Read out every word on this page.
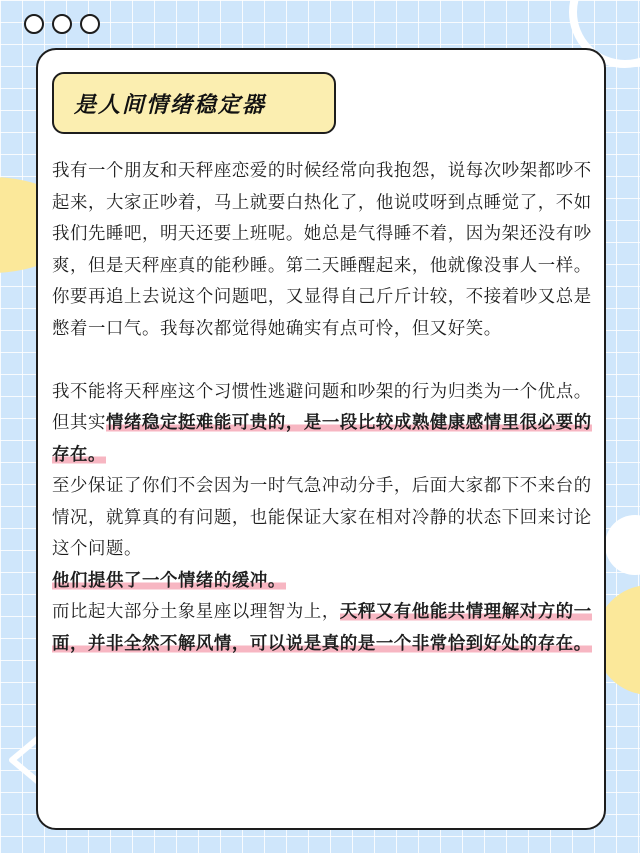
是人间情绪稳定器
我有一个朋友和天秤座恋爱的时候经常向我抱怨，说每次吵架都吵不起来，大家正吵着，马上就要白热化了，他说哎呀到点睡觉了，不如我们先睡吧，明天还要上班呢。她总是气得睡不着，因为架还没有吵爽，但是天秤座真的能秒睡。第二天睡醒起来，他就像没事人一样。
你要再追上去说这个问题吧，又显得自己斤斤计较，不接着吵又总是憋着一口气。我每次都觉得她确实有点可怜，但又好笑。
我不能将天秤座这个习惯性逃避问题和吵架的行为归类为一个优点。
但其实情绪稳定挺难能可贵的，是一段比较成熟健康感情里很必要的存在。
至少保证了你们不会因为一时气急冲动分手，后面大家都下不来台的情况，就算真的有问题，也能保证大家在相对冷静的状态下回来讨论这个问题。
他们提供了一个情绪的缓冲。
而比起大部分土象星座以理智为上，天秤又有他能共情理解对方的一面，并非全然不解风情，可以说是真的是一个非常恰到好处的存在。
